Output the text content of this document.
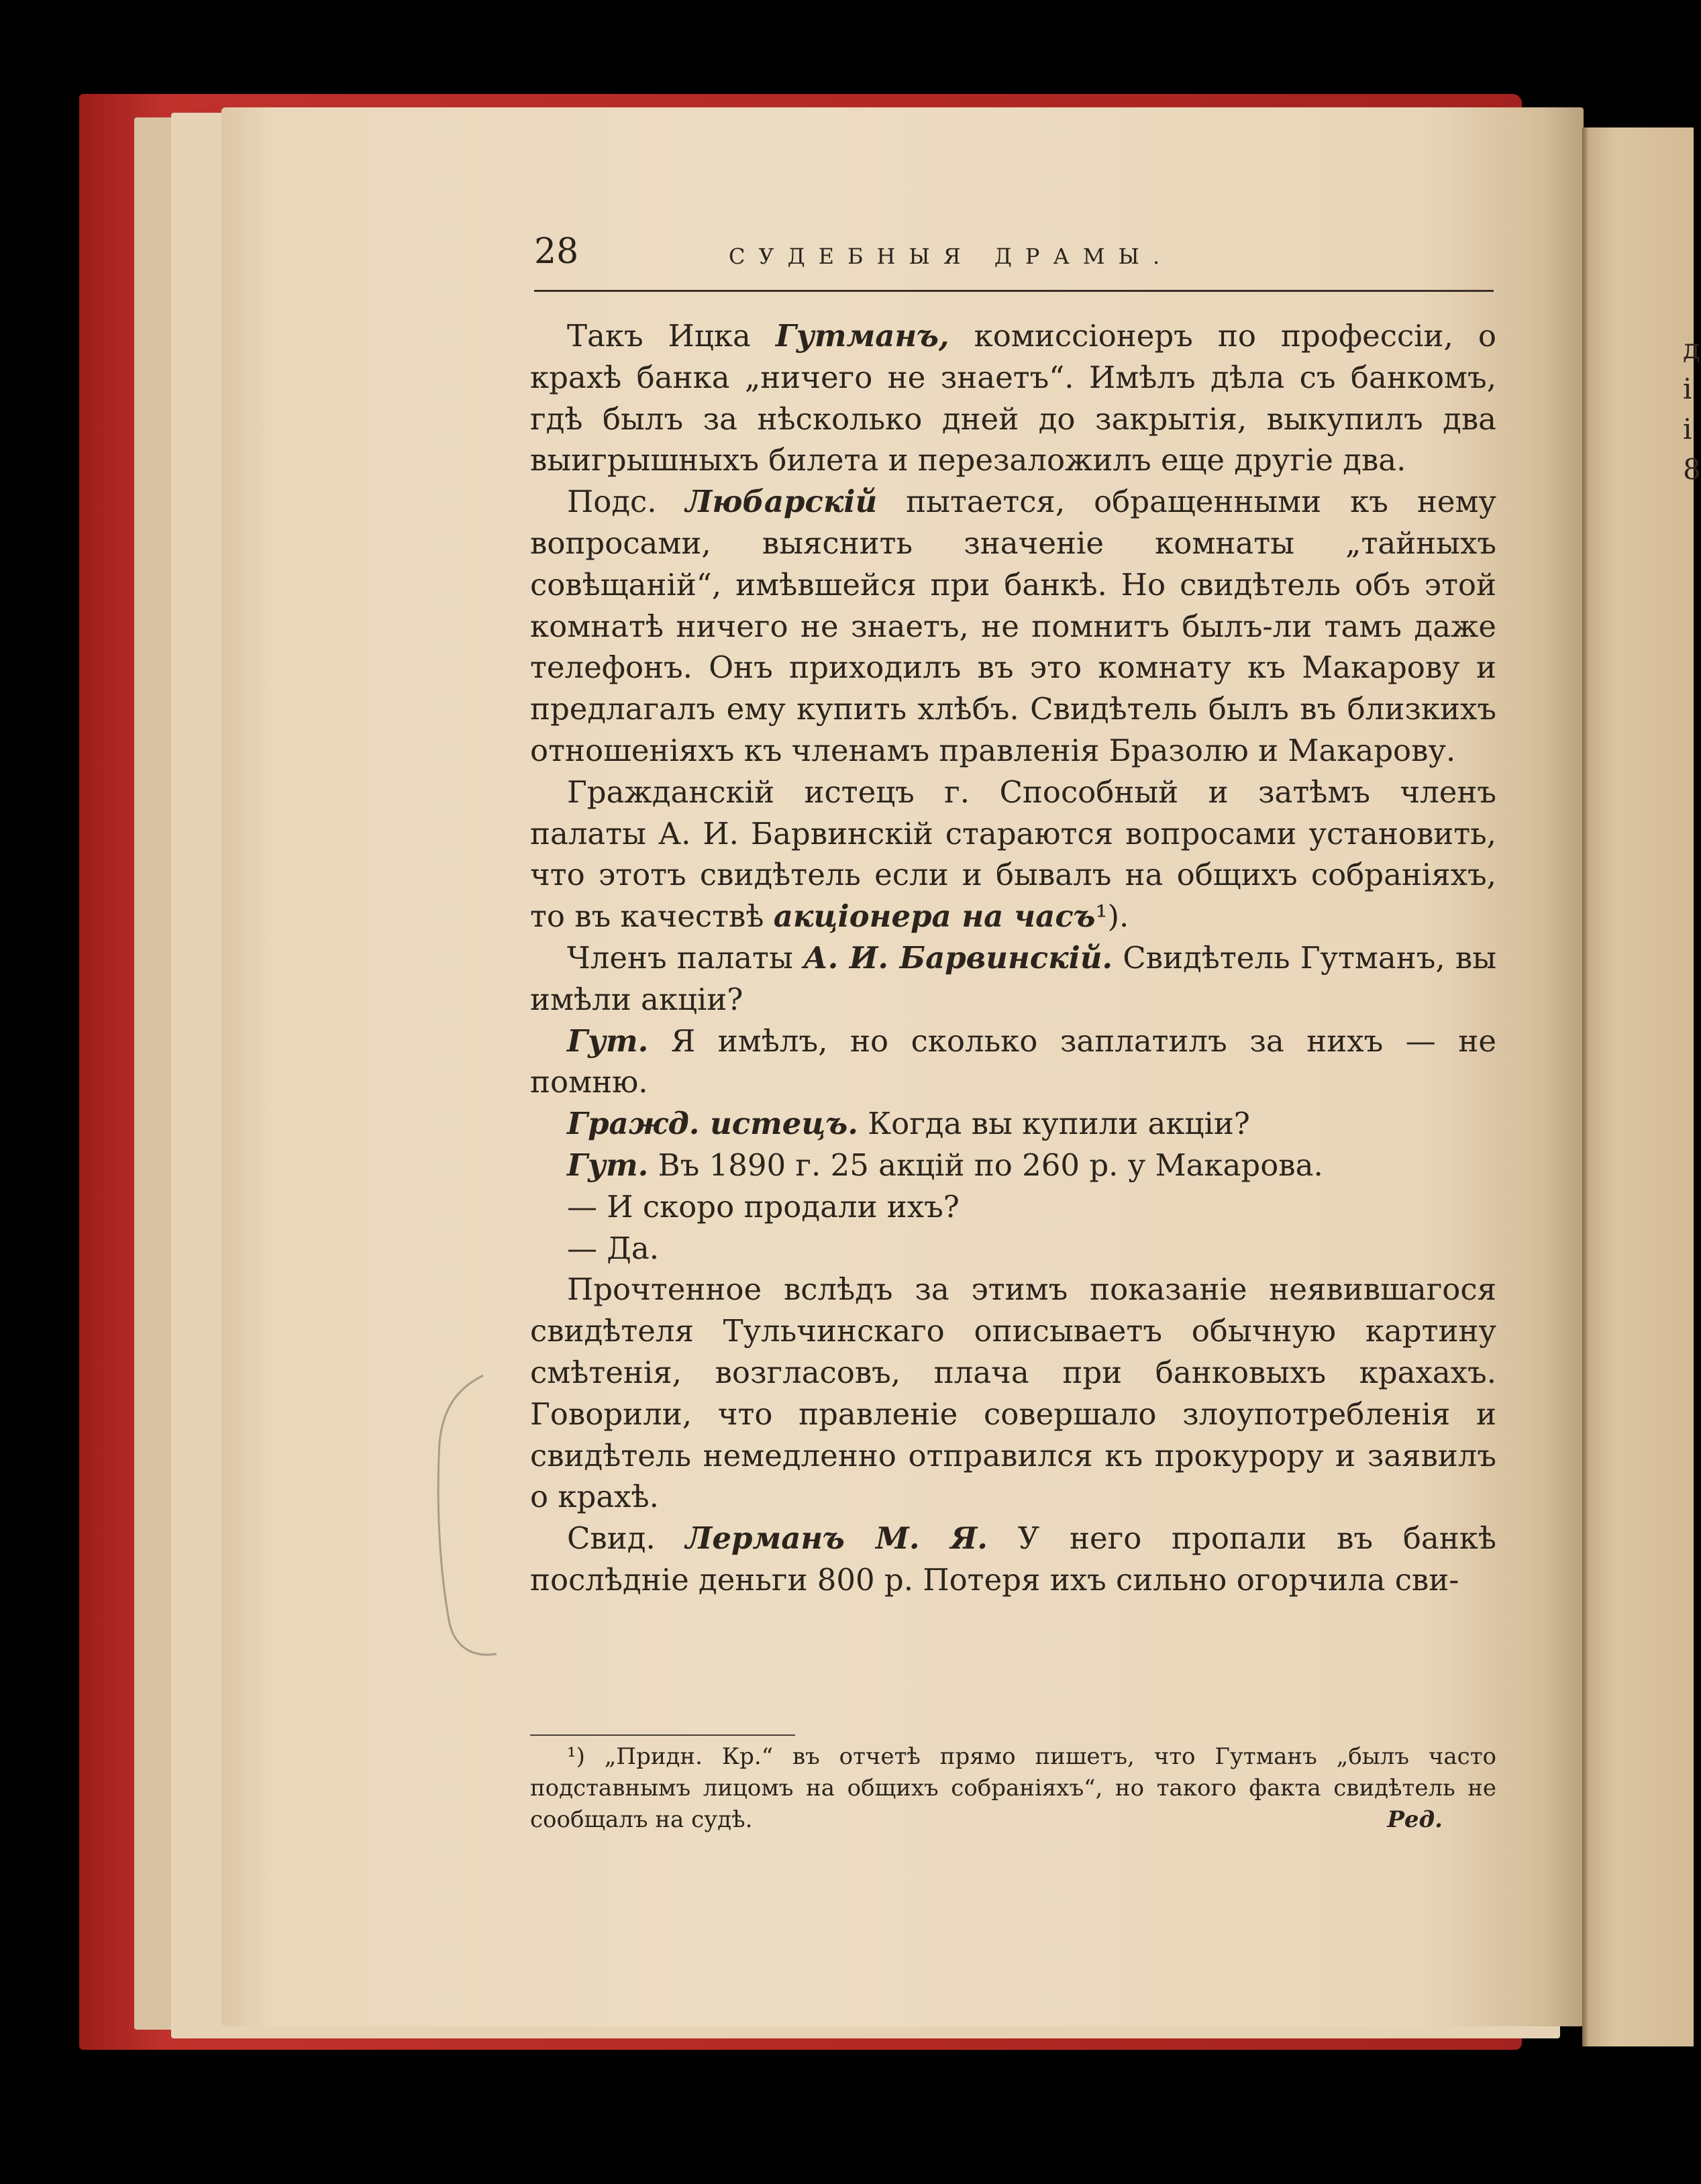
д
і
і
8
28	СУДЕБНЫЯ ДРАМЫ.

Такъ Ицка Гутманъ, комиссіонеръ по профессіи, о крахѣ банка „ничего не знаетъ“. Имѣлъ дѣла съ банкомъ, гдѣ былъ за нѣсколько дней до закрытія, выкупилъ два выигрышныхъ билета и перезаложилъ еще другіе два.

Подс. Любарскій пытается, обращенными къ нему вопросами, выяснить значеніе комнаты „тайныхъ совѣщаній“, имѣвшейся при банкѣ. Но свидѣтель объ этой комнатѣ ничего не знаетъ, не помнитъ былъ-ли тамъ даже телефонъ. Онъ приходилъ въ это комнату къ Макарову и предлагалъ ему купить хлѣбъ. Свидѣтель былъ въ близкихъ отношеніяхъ къ членамъ правленія Бразолю и Макарову.

Гражданскій истецъ г. Способный и затѣмъ членъ палаты А. И. Барвинскій стараются вопросами установить, что этотъ свидѣтель если и бывалъ на общихъ собраніяхъ, то въ качествѣ акціонера на часъ¹).

Членъ палаты А. И. Барвинскій. Свидѣтель Гутманъ, вы имѣли акціи?

Гут. Я имѣлъ, но сколько заплатилъ за нихъ — не помню.

Гражд. истецъ. Когда вы купили акціи?

Гут. Въ 1890 г. 25 акцій по 260 р. у Макарова.

— И скоро продали ихъ?

— Да.

Прочтенное вслѣдъ за этимъ показаніе неявившагося свидѣтеля Тульчинскаго описываетъ обычную картину смѣтенія, возгласовъ, плача при банковыхъ крахахъ. Говорили, что правленіе совершало злоупотребленія и свидѣтель немедленно отправился къ прокурору и заявилъ о крахѣ.

Свид. Лерманъ М. Я. У него пропали въ банкѣ послѣдніе деньги 800 р. Потеря ихъ сильно огорчила сви-

¹) „Придн. Кр.“ въ отчетѣ прямо пишетъ, что Гутманъ „былъ часто подставнымъ лицомъ на общихъ собраніяхъ“, но такого факта свидѣтель не сообщалъ на судѣ.	Ред.
